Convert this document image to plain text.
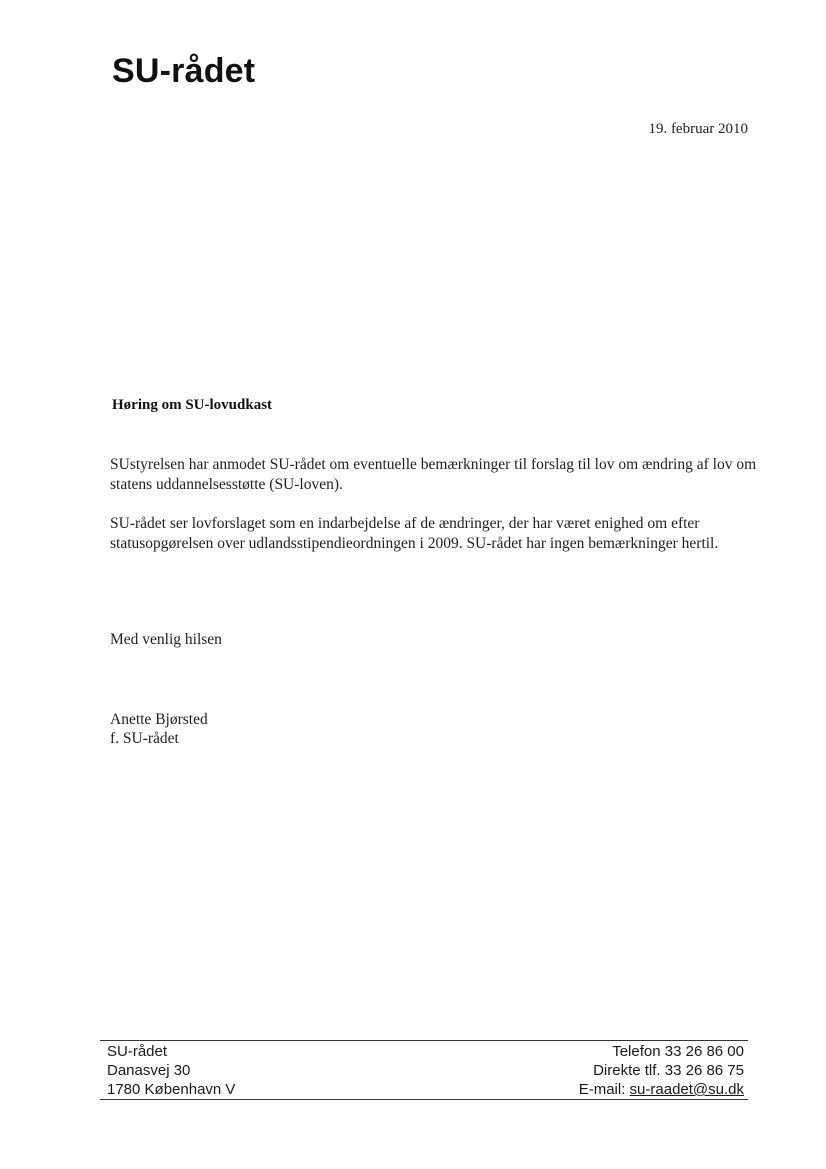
SU-rådet
19. februar 2010
Høring om SU-lovudkast

SUstyrelsen har anmodet SU-rådet om eventuelle bemærkninger til forslag til lov om ændring af lov om statens uddannelsesstøtte (SU-loven).

SU-rådet ser lovforslaget som en indarbejdelse af de ændringer, der har været enighed om efter statusopgørelsen over udlandsstipendieordningen i 2009. SU-rådet har ingen bemærkninger hertil.

Med venlig hilsen

Anette Bjørsted
f. SU-rådet
SU-rådet
Danasvej 30
1780 København V
Telefon 33 26 86 00
Direkte tlf. 33 26 86 75
E-mail: su-raadet@su.dk
